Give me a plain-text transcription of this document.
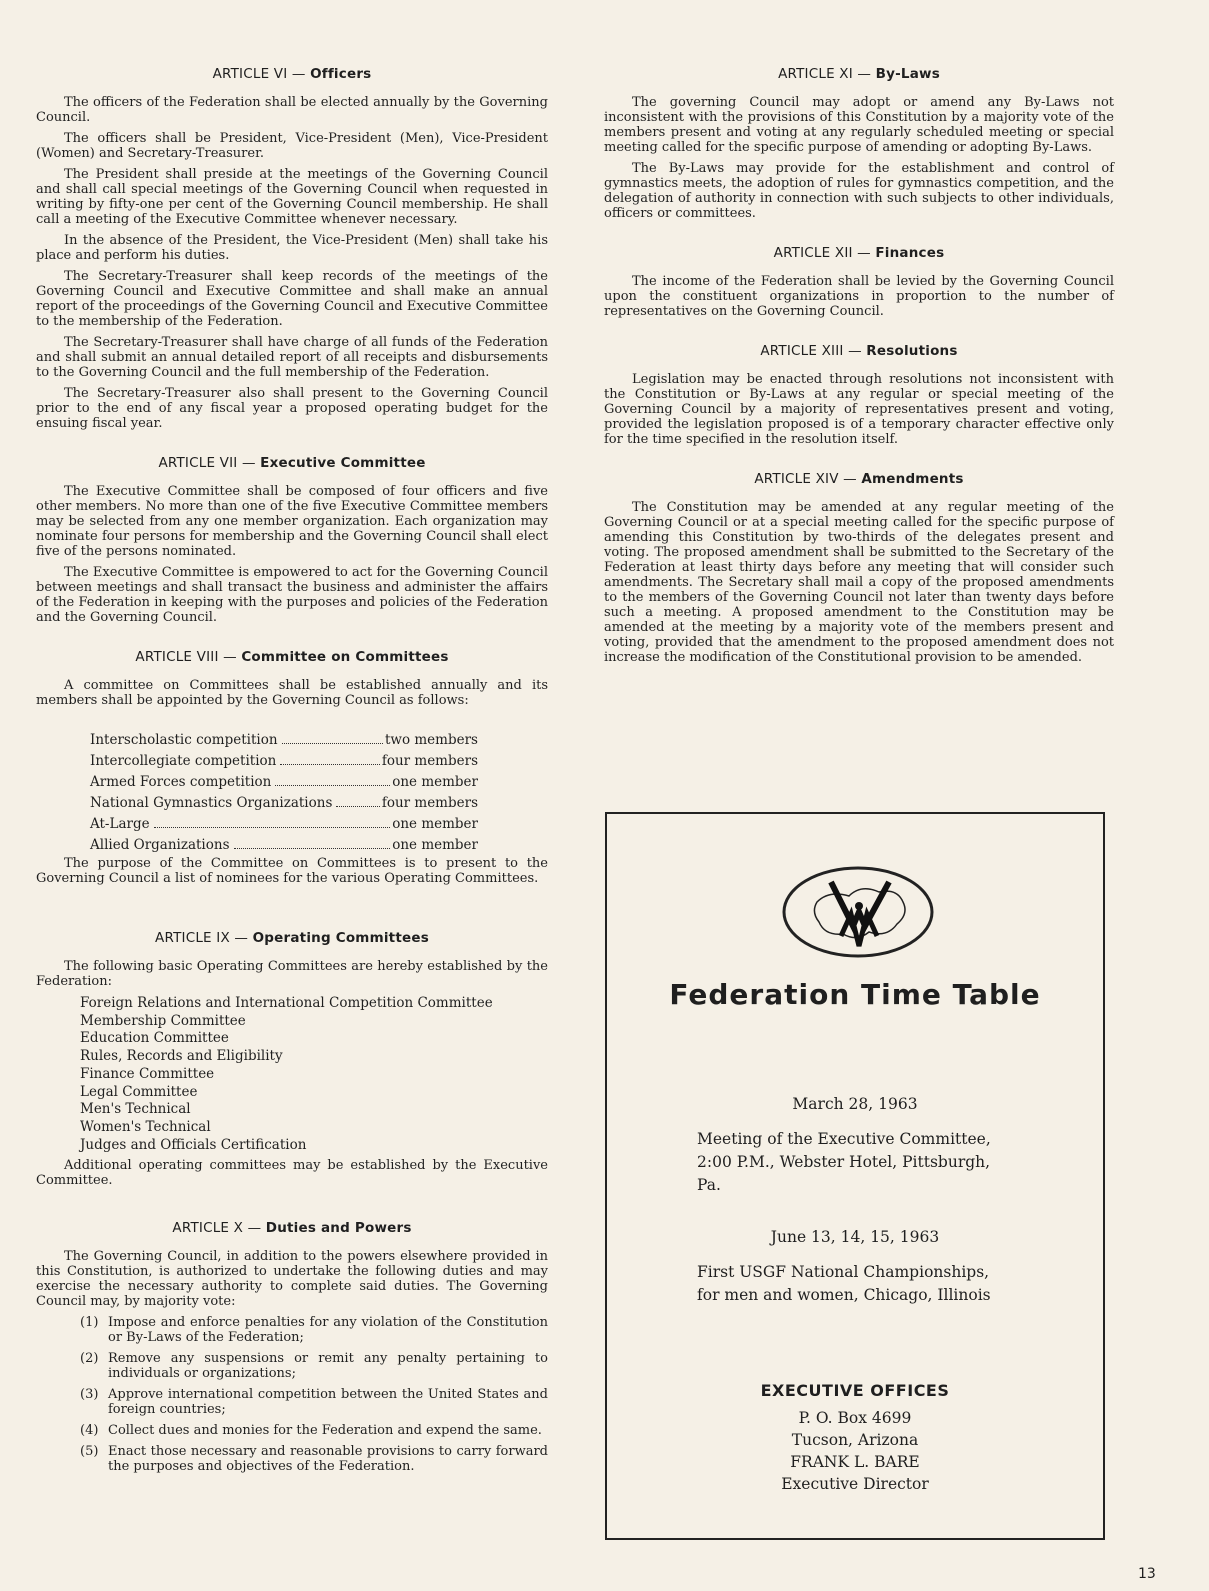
ARTICLE VI — Officers

The officers of the Federation shall be elected annually by the Governing Council.

The officers shall be President, Vice-President (Men), Vice-President (Women) and Secretary-Treasurer.

The President shall preside at the meetings of the Governing Council and shall call special meetings of the Governing Council when requested in writing by fifty-one per cent of the Governing Council membership. He shall call a meeting of the Executive Committee whenever necessary.

In the absence of the President, the Vice-President (Men) shall take his place and perform his duties.

The Secretary-Treasurer shall keep records of the meetings of the Governing Council and Executive Committee and shall make an annual report of the proceedings of the Governing Council and Executive Committee to the membership of the Federation.

The Secretary-Treasurer shall have charge of all funds of the Federation and shall submit an annual detailed report of all receipts and disbursements to the Governing Council and the full membership of the Federation.

The Secretary-Treasurer also shall present to the Governing Council prior to the end of any fiscal year a proposed operating budget for the ensuing fiscal year.

ARTICLE VII — Executive Committee

The Executive Committee shall be composed of four officers and five other members. No more than one of the five Executive Committee members may be selected from any one member organization. Each organization may nominate four persons for membership and the Governing Council shall elect five of the persons nominated.

The Executive Committee is empowered to act for the Governing Council between meetings and shall transact the business and administer the affairs of the Federation in keeping with the purposes and policies of the Federation and the Governing Council.

ARTICLE VIII — Committee on Committees

A committee on Committees shall be established annually and its members shall be appointed by the Governing Council as follows:

Interscholastic competition	two members
Intercollegiate competition	four members
Armed Forces competition	one member
National Gymnastics Organizations	four members
At-Large	one member
Allied Organizations	one member

The purpose of the Committee on Committees is to present to the Governing Council a list of nominees for the various Operating Committees.

ARTICLE IX — Operating Committees

The following basic Operating Committees are hereby established by the Federation:

Foreign Relations and International Competition Committee
Membership Committee
Education Committee
Rules, Records and Eligibility
Finance Committee
Legal Committee
Men's Technical
Women's Technical
Judges and Officials Certification

Additional operating committees may be established by the Executive Committee.

ARTICLE X — Duties and Powers

The Governing Council, in addition to the powers elsewhere provided in this Constitution, is authorized to undertake the following duties and may exercise the necessary authority to complete said duties. The Governing Council may, by majority vote:

(1) Impose and enforce penalties for any violation of the Constitution or By-Laws of the Federation;
(2) Remove any suspensions or remit any penalty pertaining to individuals or organizations;
(3) Approve international competition between the United States and foreign countries;
(4) Collect dues and monies for the Federation and expend the same.
(5) Enact those necessary and reasonable provisions to carry forward the purposes and objectives of the Federation.
ARTICLE XI — By-Laws

The governing Council may adopt or amend any By-Laws not inconsistent with the provisions of this Constitution by a majority vote of the members present and voting at any regularly scheduled meeting or special meeting called for the specific purpose of amending or adopting By-Laws.

The By-Laws may provide for the establishment and control of gymnastics meets, the adoption of rules for gymnastics competition, and the delegation of authority in connection with such subjects to other individuals, officers or committees.

ARTICLE XII — Finances

The income of the Federation shall be levied by the Governing Council upon the constituent organizations in proportion to the number of representatives on the Governing Council.

ARTICLE XIII — Resolutions

Legislation may be enacted through resolutions not inconsistent with the Constitution or By-Laws at any regular or special meeting of the Governing Council by a majority of representatives present and voting, provided the legislation proposed is of a temporary character effective only for the time specified in the resolution itself.

ARTICLE XIV — Amendments

The Constitution may be amended at any regular meeting of the Governing Council or at a special meeting called for the specific purpose of amending this Constitution by two-thirds of the delegates present and voting. The proposed amendment shall be submitted to the Secretary of the Federation at least thirty days before any meeting that will consider such amendments. The Secretary shall mail a copy of the proposed amendments to the members of the Governing Council not later than twenty days before such a meeting. A proposed amendment to the Constitution may be amended at the meeting by a majority vote of the members present and voting, provided that the amendment to the proposed amendment does not increase the modification of the Constitutional provision to be amended.

Federation Time Table
March 28, 1963
Meeting of the Executive Committee,
2:00 P.M., Webster Hotel, Pittsburgh,
Pa.
June 13, 14, 15, 1963
First USGF National Championships,
for men and women, Chicago, Illinois
EXECUTIVE OFFICES
P. O. Box 4699
Tucson, Arizona
FRANK L. BARE
Executive Director
13
